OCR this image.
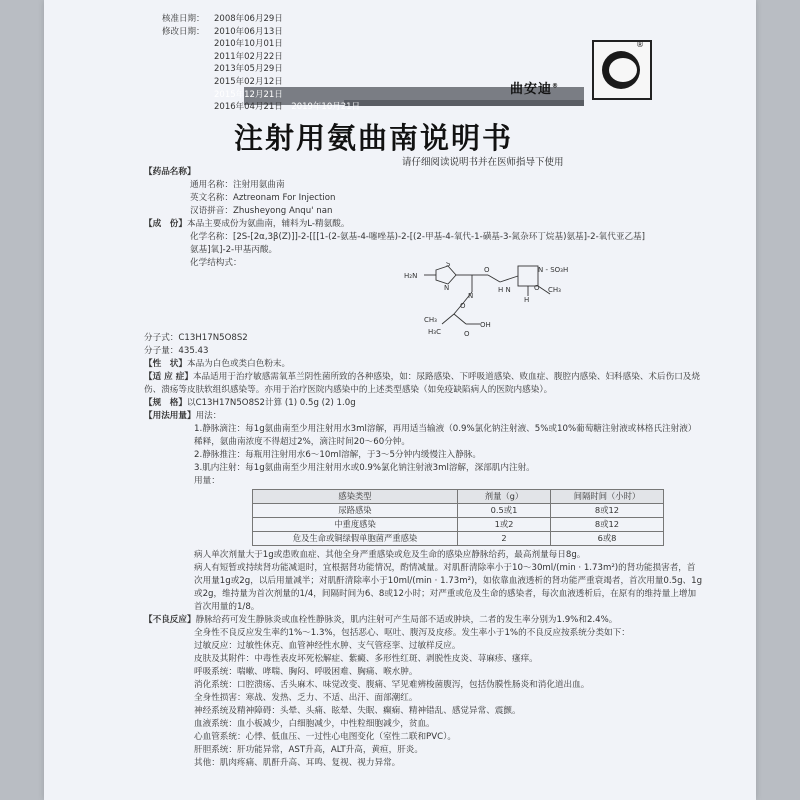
核准日期： 2008年06月29日
修改日期： 2010年06月13日
2010年10月01日
2011年02月22日
2013年05月29日
2015年02月12日
2015年12月21日
2016年04月21日　 2019年10月21日
®
曲安迪®
注射用氨曲南说明书
请仔细阅读说明书并在医师指导下使用
【药品名称】
通用名称：注射用氨曲南
英文名称：Aztreonam For Injection
汉语拼音：Zhusheyong Anqu' nan
【成　份】本品主要成份为氨曲南，辅料为L-精氨酸。
化学名称：[2S-[2α,3β(Z)]]-2-[[[1-(2-氨基-4-噻唑基)-2-[(2-甲基-4-氧代-1-磺基-3-氮杂环丁烷基)氨基]-2-氧代亚乙基]
氨基]氧]-2-甲基丙酸。
化学结构式：
H₂N
S
N
N
O
H N
N - SO₃H
CH₃
O
H
O
OH
O
CH₃
H₃C
分子式：C13H17N5O8S2
分子量：435.43
【性　状】本品为白色或类白色粉末。
【适 应 症】本品适用于治疗敏感需氧革兰阴性菌所致的各种感染，如：尿路感染、下呼吸道感染、败血症、腹腔内感染、妇科感染、术后伤口及烧伤、溃疡等皮肤软组织感染等。亦用于治疗医院内感染中的上述类型感染（如免疫缺陷病人的医院内感染）。
【规　格】以C13H17N5O8S2计算 (1) 0.5g (2) 1.0g
【用法用量】用法：
1.静脉滴注：每1g氨曲南至少用注射用水3ml溶解，再用适当输液（0.9%氯化钠注射液、5%或10%葡萄糖注射液或林格氏注射液）稀释，氨曲南浓度不得超过2%，滴注时间20～60分钟。
2.静脉推注：每瓶用注射用水6～10ml溶解，于3～5分钟内缓慢注入静脉。
3.肌内注射：每1g氨曲南至少用注射用水或0.9%氯化钠注射液3ml溶解，深部肌内注射。
用量：
感染类型	剂量（g）	间隔时间（小时）
尿路感染	0.5或1	8或12
中重度感染	1或2	8或12
危及生命或铜绿假单胞菌严重感染	2	6或8
病人单次剂量大于1g或患败血症、其他全身严重感染或危及生命的感染应静脉给药，最高剂量每日8g。
病人有短暂或持续肾功能减退时，宜根据肾功能情况，酌情减量。对肌酐清除率小于10～30ml/(min · 1.73m²)的肾功能损害者，首次用量1g或2g，以后用量减半；对肌酐清除率小于10ml/(min · 1.73m²)，如依靠血液透析的肾功能严重衰竭者，首次用量0.5g、1g或2g，维持量为首次剂量的1/4，间隔时间为6、8或12小时；对严重或危及生命的感染者，每次血液透析后，在原有的维持量上增加首次用量的1/8。
【不良反应】静脉给药可发生静脉炎或血栓性静脉炎，肌内注射可产生局部不适或肿块，二者的发生率分别为1.9%和2.4%。
全身性不良反应发生率约1%～1.3%，包括恶心、呕吐、腹泻及皮疹。发生率小于1%的不良反应按系统分类如下：
过敏反应：过敏性休克、血管神经性水肿、支气管痉挛、过敏样反应。
皮肤及其附件：中毒性表皮坏死松解症、紫癜、多形性红斑、剥脱性皮炎、荨麻疹、瘙痒。
呼吸系统：喘嗽、哮喘、胸闷、呼吸困难、胸痛、喉水肿。
消化系统：口腔溃疡、舌头麻木、味觉改变、腹痛、罕见难辨梭菌腹泻，包括伪膜性肠炎和消化道出血。
全身性损害：寒战、发热、乏力、不适、出汗、面部潮红。
神经系统及精神障碍：头晕、头痛、眩晕、失眠、癫痫、精神错乱、感觉异常、震颤。
血液系统：血小板减少，白细胞减少，中性粒细胞减少，贫血。
心血管系统：心悸、低血压、一过性心电图变化（室性二联和PVC）。
肝胆系统：肝功能异常，AST升高，ALT升高，黄疸，肝炎。
其他：肌肉疼痛、肌酐升高、耳鸣、复视、视力异常。
